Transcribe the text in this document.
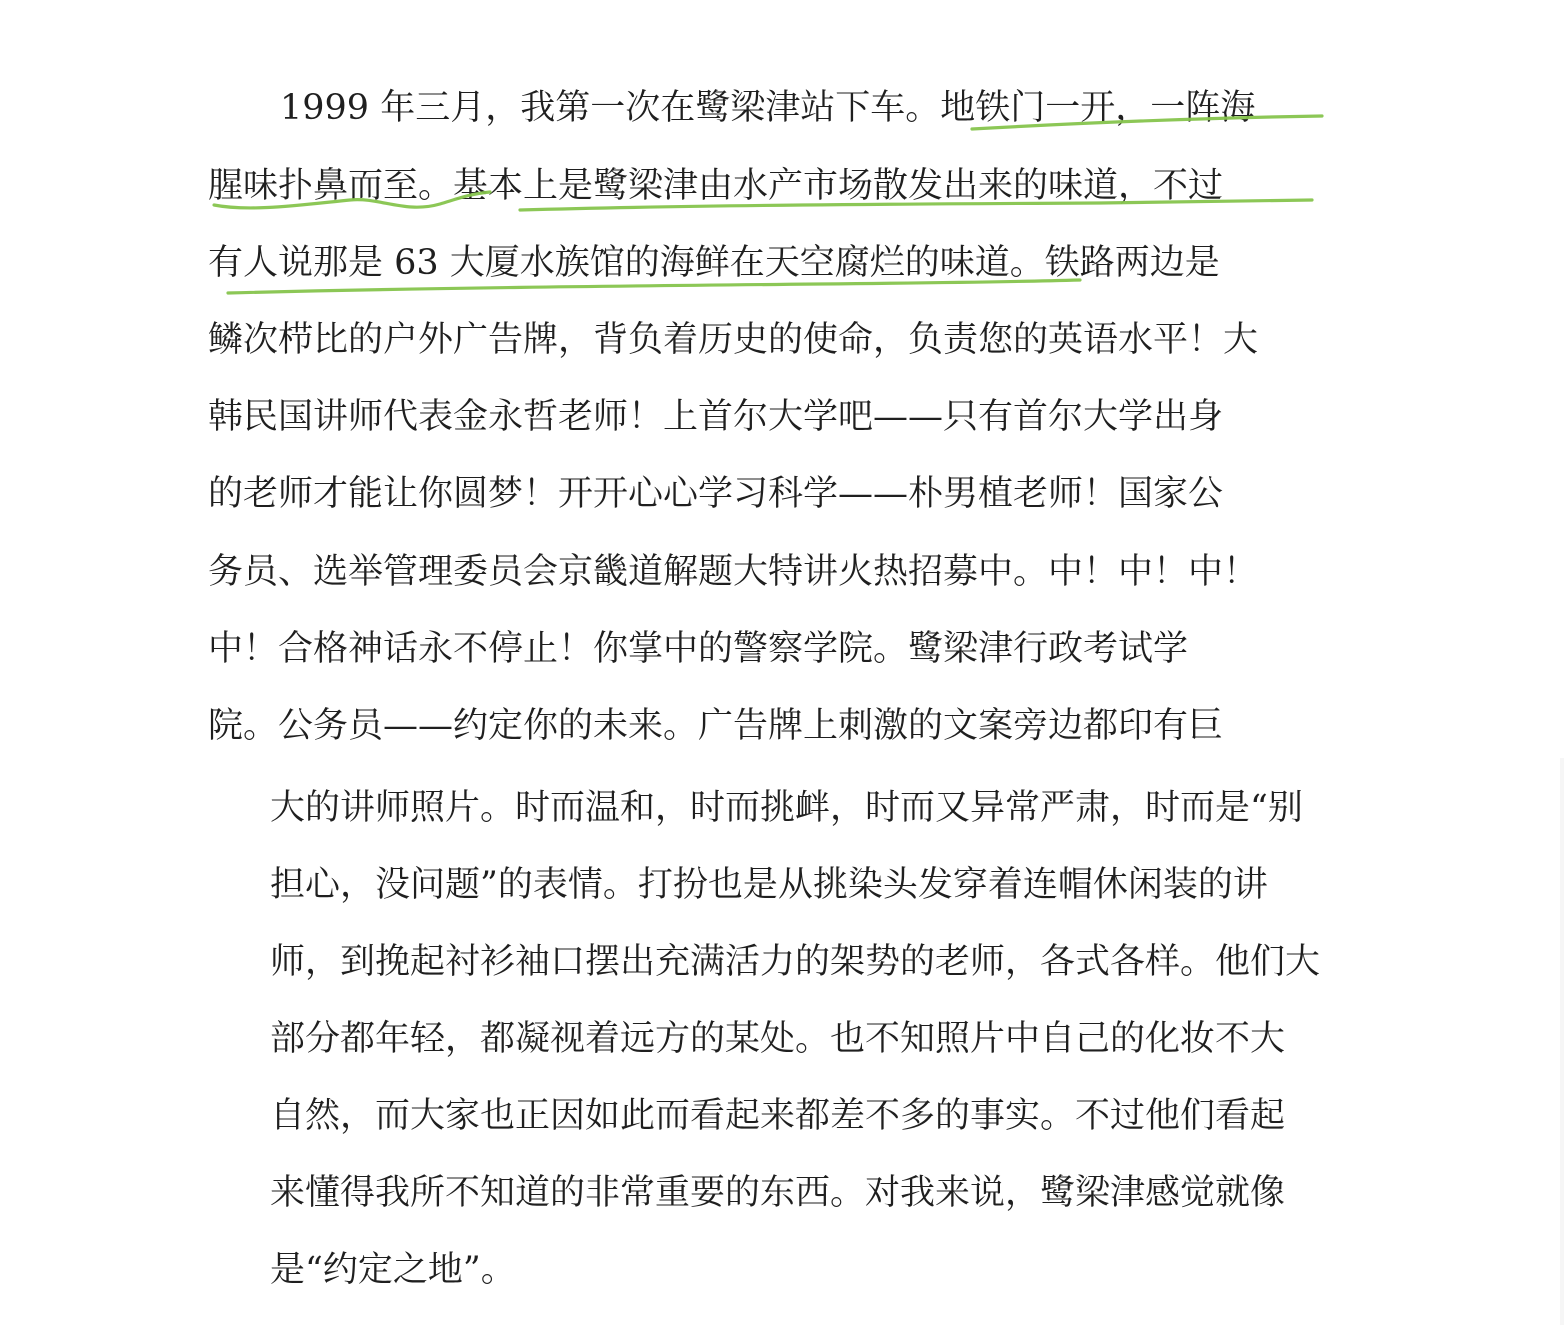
1999 年三月，我第一次在鹭梁津站下车。地铁门一开，一阵海
腥味扑鼻而至。基本上是鹭梁津由水产市场散发出来的味道，不过
有人说那是 63 大厦水族馆的海鲜在天空腐烂的味道。铁路两边是
鳞次栉比的户外广告牌，背负着历史的使命，负责您的英语水平！大
韩民国讲师代表金永哲老师！上首尔大学吧——只有首尔大学出身
的老师才能让你圆梦！开开心心学习科学——朴男植老师！国家公
务员、选举管理委员会京畿道解题大特讲火热招募中。中！中！中！
中！合格神话永不停止！你掌中的警察学院。鹭梁津行政考试学
院。公务员——约定你的未来。广告牌上刺激的文案旁边都印有巨
大的讲师照片。时而温和，时而挑衅，时而又异常严肃，时而是“别
担心，没问题”的表情。打扮也是从挑染头发穿着连帽休闲装的讲
师，到挽起衬衫袖口摆出充满活力的架势的老师，各式各样。他们大
部分都年轻，都凝视着远方的某处。也不知照片中自己的化妆不大
自然，而大家也正因如此而看起来都差不多的事实。不过他们看起
来懂得我所不知道的非常重要的东西。对我来说，鹭梁津感觉就像
是“约定之地”。
